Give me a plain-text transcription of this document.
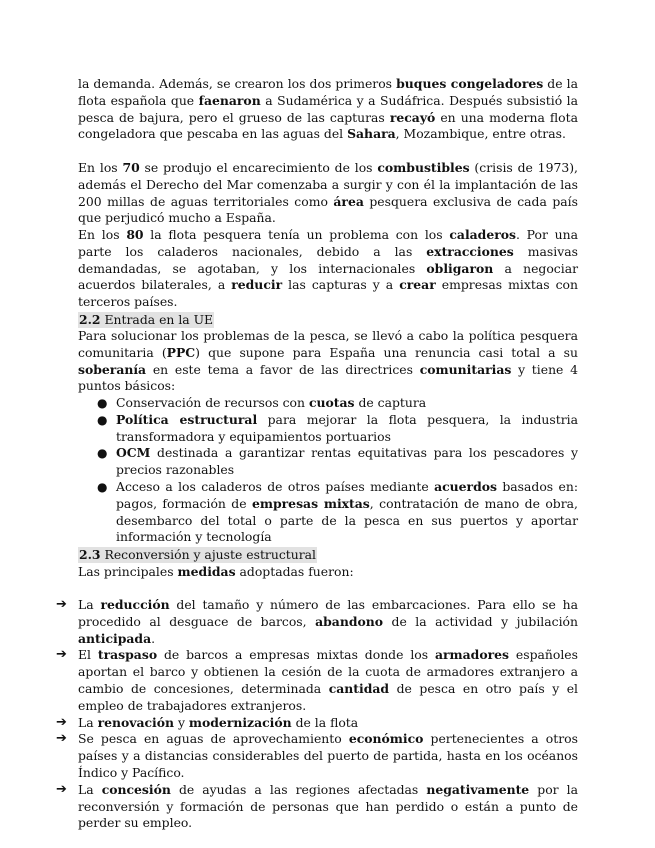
la demanda. Además, se crearon los dos primeros buques congeladores de la flota española que faenaron a Sudamérica y a Sudáfrica. Después subsistió la pesca de bajura, pero el grueso de las capturas recayó en una moderna flota congeladora que pescaba en las aguas del Sahara, Mozambique, entre otras.

En los 70 se produjo el encarecimiento de los combustibles (crisis de 1973), además el Derecho del Mar comenzaba a surgir y con él la implantación de las 200 millas de aguas territoriales como área pesquera exclusiva de cada país que perjudicó mucho a España.

En los 80 la flota pesquera tenía un problema con los caladeros. Por una parte los caladeros nacionales, debido a las extracciones masivas demandadas, se agotaban, y los internacionales obligaron a negociar acuerdos bilaterales, a reducir las capturas y a crear empresas mixtas con terceros países.

2.2 Entrada en la UE

Para solucionar los problemas de la pesca, se llevó a cabo la política pesquera comunitaria (PPC) que supone para España una renuncia casi total a su soberanía en este tema a favor de las directrices comunitarias y tiene 4 puntos básicos:

● Conservación de recursos con cuotas de captura
● Política estructural para mejorar la flota pesquera, la industria transformadora y equipamientos portuarios
● OCM destinada a garantizar rentas equitativas para los pescadores y precios razonables
● Acceso a los caladeros de otros países mediante acuerdos basados en: pagos, formación de empresas mixtas, contratación de mano de obra, desembarco del total o parte de la pesca en sus puertos y aportar información y tecnología
2.3 Reconversión y ajuste estructural

Las principales medidas adoptadas fueron:

➔ La reducción del tamaño y número de las embarcaciones. Para ello se ha procedido al desguace de barcos, abandono de la actividad y jubilación anticipada.
➔ El traspaso de barcos a empresas mixtas donde los armadores españoles aportan el barco y obtienen la cesión de la cuota de armadores extranjero a cambio de concesiones, determinada cantidad de pesca en otro país y el empleo de trabajadores extranjeros.
➔ La renovación y modernización de la flota
➔ Se pesca en aguas de aprovechamiento económico pertenecientes a otros países y a distancias considerables del puerto de partida, hasta en los océanos Índico y Pacífico.
➔ La concesión de ayudas a las regiones afectadas negativamente por la reconversión y formación de personas que han perdido o están a punto de perder su empleo.
